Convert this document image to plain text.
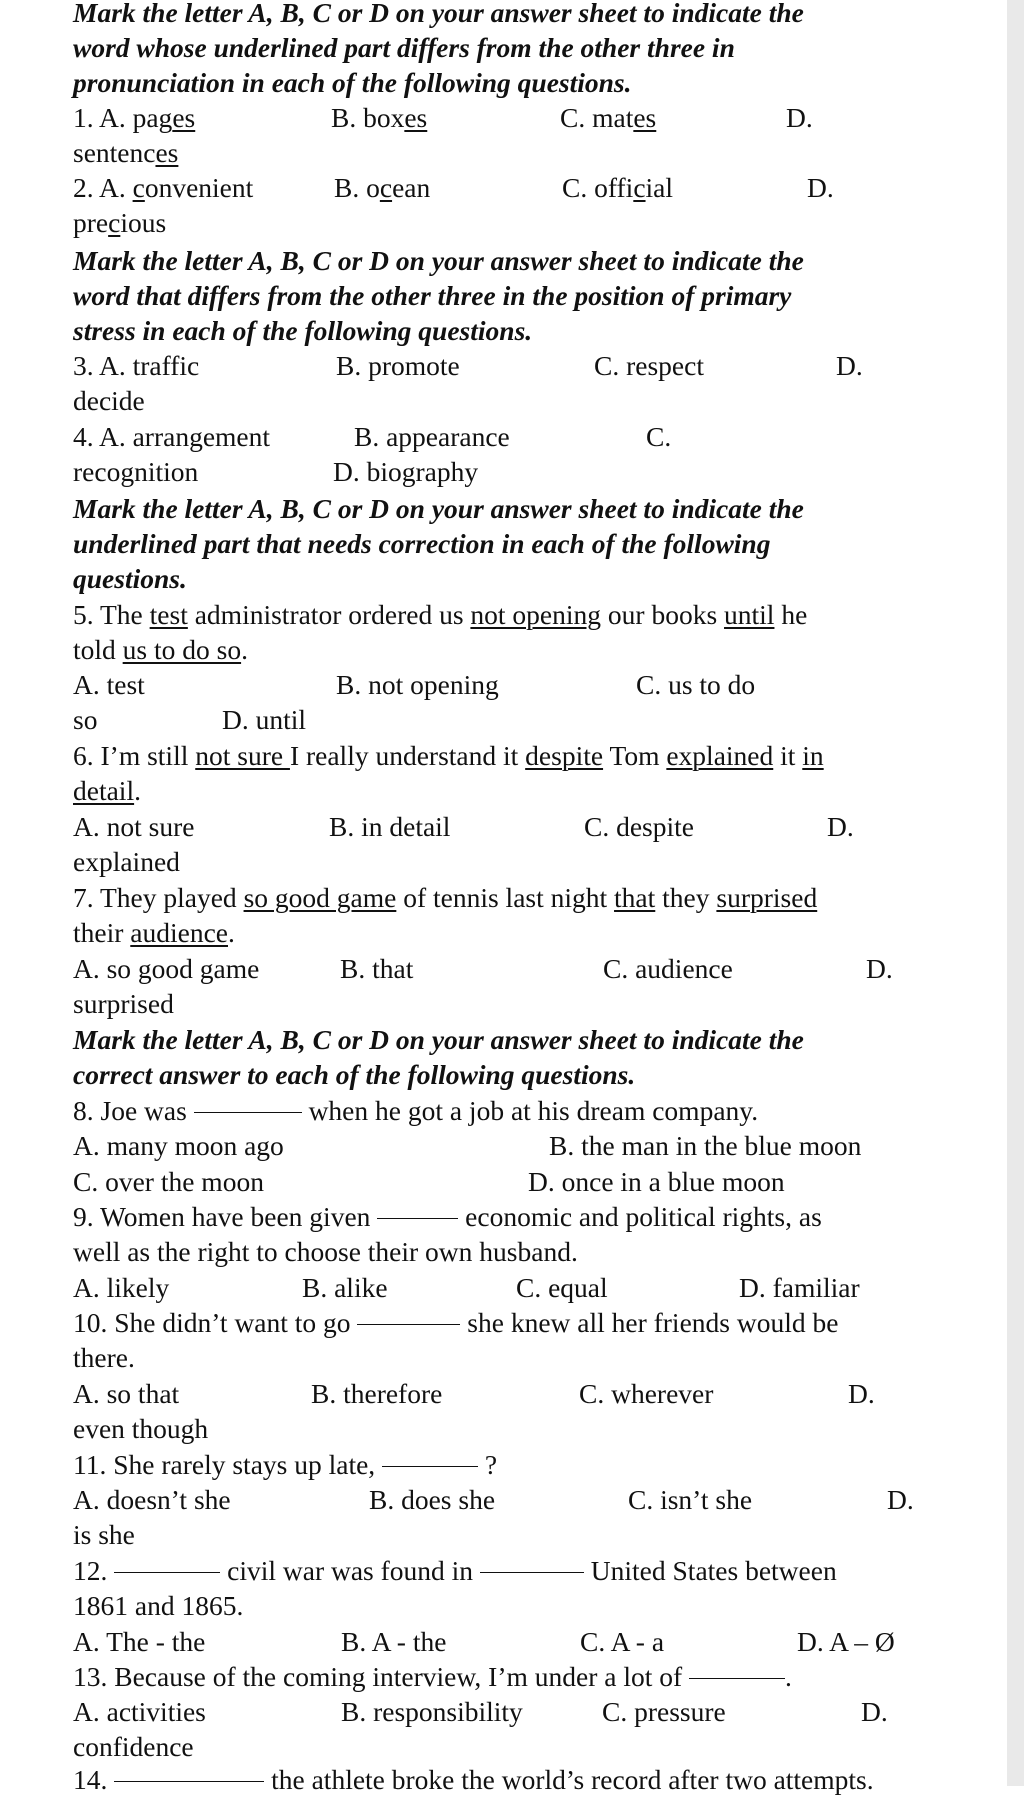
Mark the letter A, B, C or D on your answer sheet to indicate the
word whose underlined part differs from the other three in
pronunciation in each of the following questions.
1. A. pages	B. boxes	C. mates	D.
sentences
2. A. convenient	B. ocean	C. official	D.
precious
Mark the letter A, B, C or D on your answer sheet to indicate the
word that differs from the other three in the position of primary
stress in each of the following questions.
3. A. traffic	B. promote	C. respect	D.
decide
4. A. arrangement	B. appearance	C.
recognition	D. biography
Mark the letter A, B, C or D on your answer sheet to indicate the
underlined part that needs correction in each of the following
questions.
5. The test administrator ordered us not opening our books until he
told us to do so.
A. test	B. not opening	C. us to do
so	D. until
6. I’m still not sure I really understand it despite Tom explained it in
detail.
A. not sure	B. in detail	C. despite	D.
explained
7. They played so good game of tennis last night that they surprised
their audience.
A. so good game	B. that	C. audience	D.
surprised
Mark the letter A, B, C or D on your answer sheet to indicate the
correct answer to each of the following questions.
8. Joe was	when he got a job at his dream company.
A. many moon ago	B. the man in the blue moon
C. over the moon	D. once in a blue moon
9. Women have been given	economic and political rights, as
well as the right to choose their own husband.
A. likely	B. alike	C. equal	D. familiar
10. She didn’t want to go	she knew all her friends would be
there.
A. so that	B. therefore	C. wherever	D.
even though
11. She rarely stays up late,	?
A. doesn’t she	B. does she	C. isn’t she	D.
is she
12.	civil war was found in	United States between
1861 and 1865.
A. The - the	B. A - the	C. A - a	D. A – Ø
13. Because of the coming interview, I’m under a lot of	.
A. activities	B. responsibility	C. pressure	D.
confidence
14.	the athlete broke the world’s record after two attempts.
